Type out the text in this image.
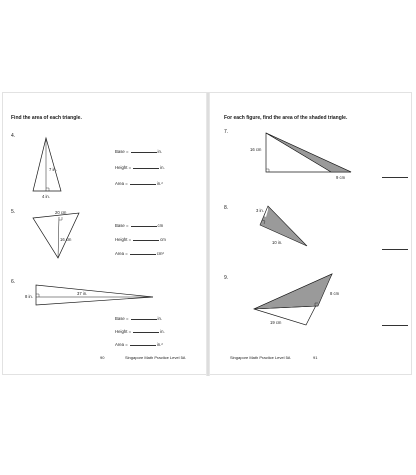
Find the area of each triangle.
4.
7 in.
4 in.
Base =	in.
Height =	in.
Area =	in.²
5.	20 cm
16 cm
Base =	cm
Height =	cm
Area =	cm²
6.
8 in.
37 in.
Base =	in.
Height =	in.
Area =	in.²
90	Singapore Math Practice Level 5A
For each figure, find the area of the shaded triangle.
7.
16 cm
9 cm
8.	3 in.
10 in.
9.
8 cm
19 cm
Singapore Math Practice Level 5A	91
